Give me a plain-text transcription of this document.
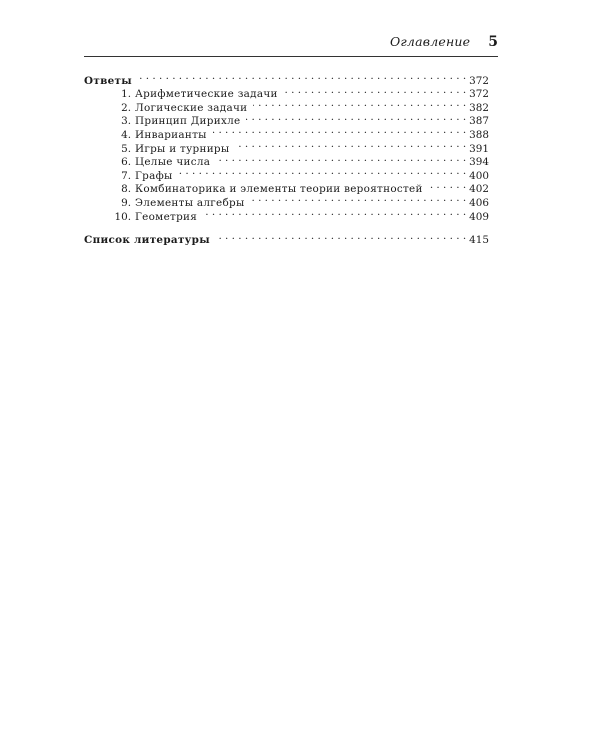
Оглавление 5
Ответы . . .	372
1. Арифметические задачи . . .	372
2. Логические задачи . . .	382
3. Принцип Дирихле . . .	387
4. Инварианты . . .	388
5. Игры и турниры . . .	391
6. Целые числа . . .	394
7. Графы . . .	400
8. Комбинаторика и элементы теории вероятностей . . .	402
9. Элементы алгебры . . .	406
10. Геометрия . . .	409
Список литературы . . .	415
